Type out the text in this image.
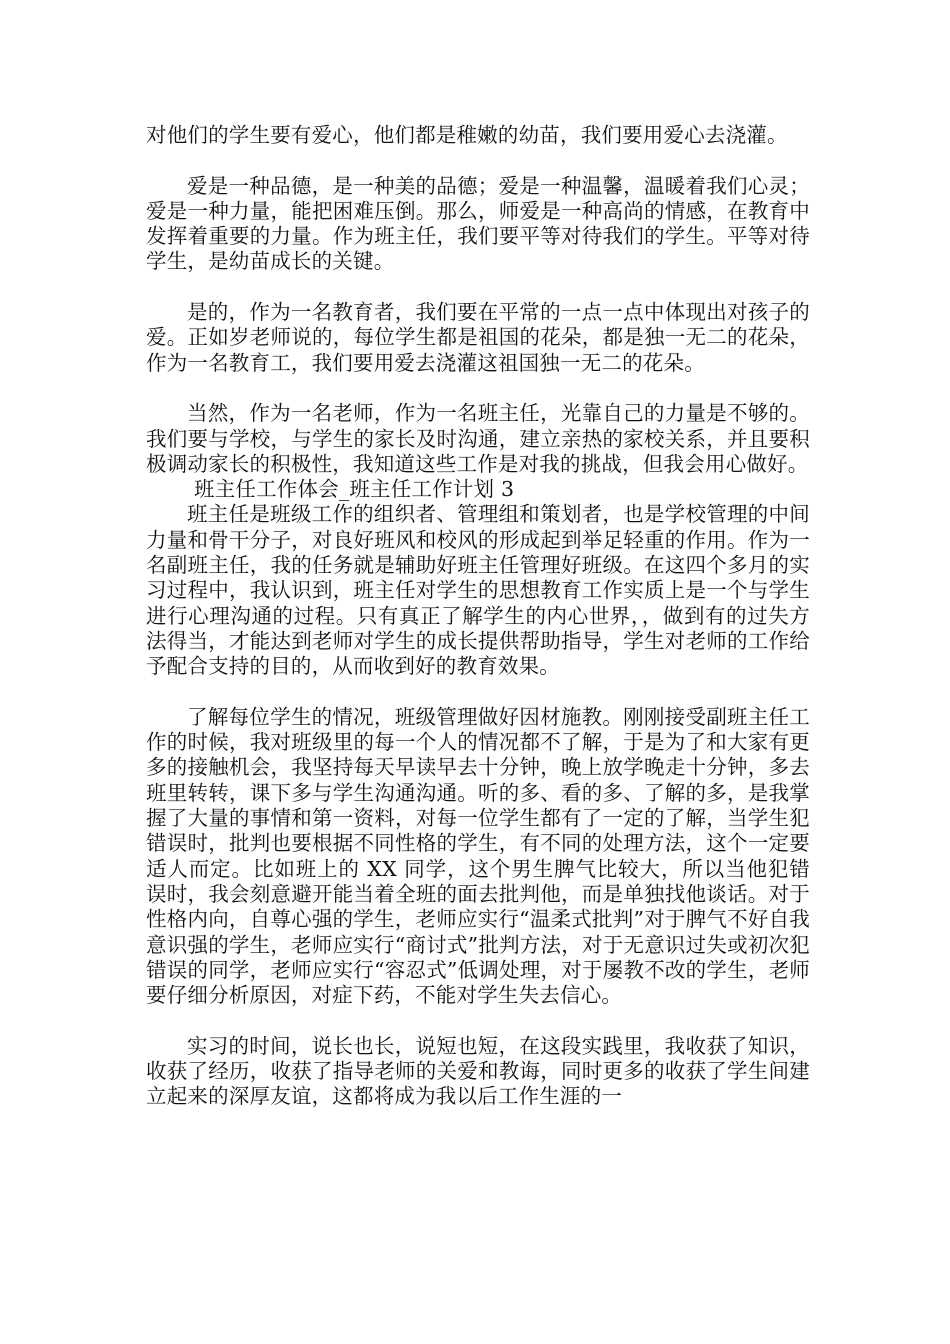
对他们的学生要有爱心，他们都是稚嫩的幼苗，我们要用爱心去浇灌。

爱是一种品德，是一种美的品德；爱是一种温馨，温暖着我们心灵；爱是一种力量，能把困难压倒。那么，师爱是一种高尚的情感，在教育中发挥着重要的力量。作为班主任，我们要平等对待我们的学生。平等对待学生，是幼苗成长的关键。

是的，作为一名教育者，我们要在平常的一点一点中体现出对孩子的爱。正如岁老师说的，每位学生都是祖国的花朵，都是独一无二的花朵，作为一名教育工，我们要用爱去浇灌这祖国独一无二的花朵。

当然，作为一名老师，作为一名班主任，光靠自己的力量是不够的。我们要与学校，与学生的家长及时沟通，建立亲热的家校关系，并且要积极调动家长的积极性，我知道这些工作是对我的挑战，但我会用心做好。

班主任工作体会_班主任工作计划 3

班主任是班级工作的组织者、管理组和策划者，也是学校管理的中间力量和骨干分子，对良好班风和校风的形成起到举足轻重的作用。作为一名副班主任，我的任务就是辅助好班主任管理好班级。在这四个多月的实习过程中，我认识到，班主任对学生的思想教育工作实质上是一个与学生进行心理沟通的过程。只有真正了解学生的内心世界，，做到有的过失方法得当，才能达到老师对学生的成长提供帮助指导，学生对老师的工作给予配合支持的目的，从而收到好的教育效果。

了解每位学生的情况，班级管理做好因材施教。刚刚接受副班主任工作的时候，我对班级里的每一个人的情况都不了解，于是为了和大家有更多的接触机会，我坚持每天早读早去十分钟，晚上放学晚走十分钟，多去班里转转，课下多与学生沟通沟通。听的多、看的多、了解的多，是我掌握了大量的事情和第一资料，对每一位学生都有了一定的了解，当学生犯错误时，批判也要根据不同性格的学生，有不同的处理方法，这个一定要适人而定。比如班上的 XX 同学，这个男生脾气比较大，所以当他犯错误时，我会刻意避开能当着全班的面去批判他，而是单独找他谈话。对于性格内向，自尊心强的学生，老师应实行“温柔式批判”对于脾气不好自我意识强的学生，老师应实行“商讨式”批判方法，对于无意识过失或初次犯错误的同学，老师应实行“容忍式”低调处理，对于屡教不改的学生，老师要仔细分析原因，对症下药，不能对学生失去信心。

实习的时间，说长也长，说短也短，在这段实践里，我收获了知识，收获了经历，收获了指导老师的关爱和教诲，同时更多的收获了学生间建立起来的深厚友谊，这都将成为我以后工作生涯的一
